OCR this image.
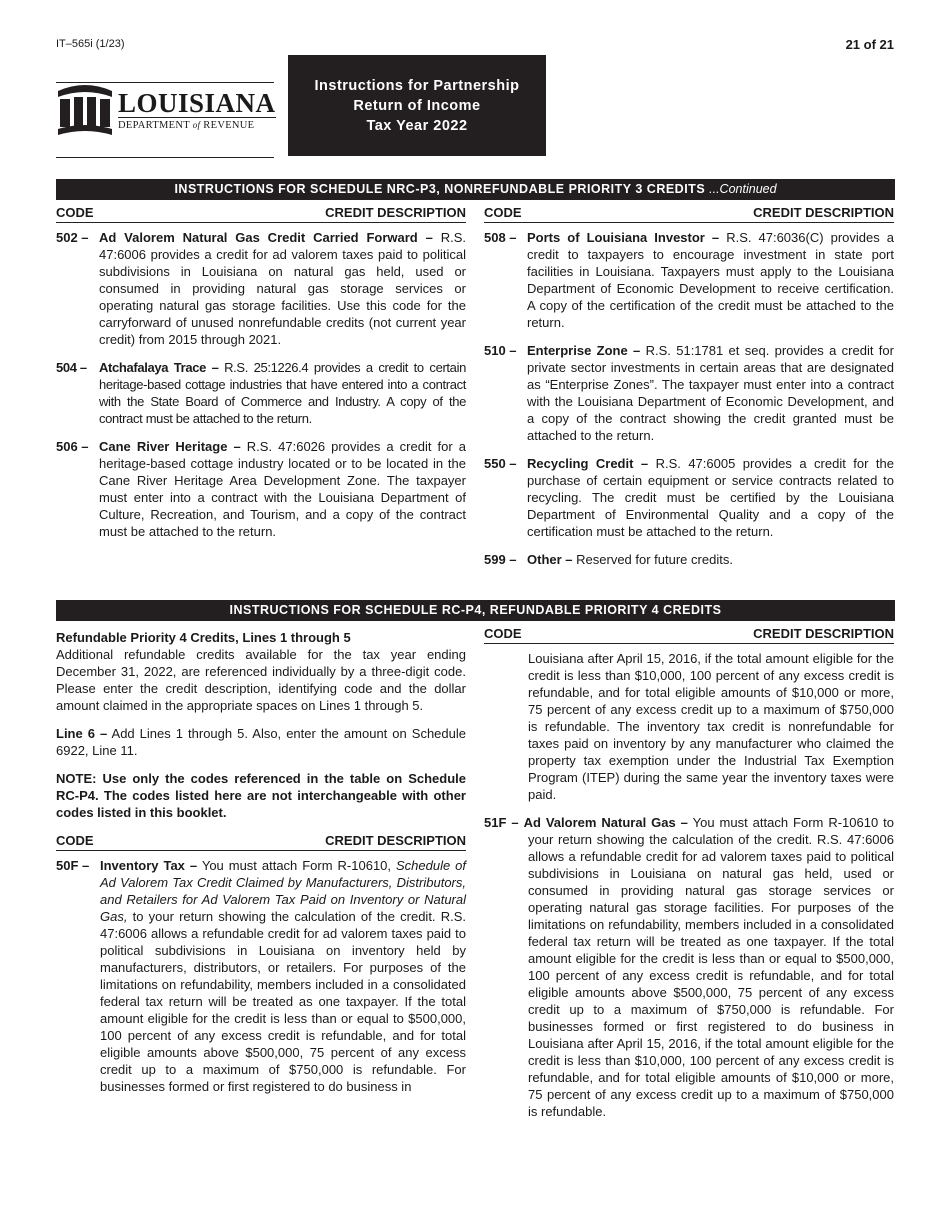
IT–565i (1/23)	21 of 21
LOUISIANA
DEPARTMENT of REVENUE
Instructions for Partnership
Return of Income
Tax Year 2022
INSTRUCTIONS FOR SCHEDULE NRC-P3, NONREFUNDABLE PRIORITY 3 CREDITS ...Continued
CODE	CREDIT DESCRIPTION
502 – Ad Valorem Natural Gas Credit Carried Forward – R.S. 47:6006 provides a credit for ad valorem taxes paid to political subdivisions in Louisiana on natural gas held, used or consumed in providing natural gas storage services or operating natural gas storage facilities. Use this code for the carryforward of unused nonrefundable credits (not current year credit) from 2015 through 2021.
504 – Atchafalaya Trace – R.S. 25:1226.4 provides a credit to certain heritage-based cottage industries that have entered into a contract with the State Board of Commerce and Industry. A copy of the contract must be attached to the return.
506 – Cane River Heritage – R.S. 47:6026 provides a credit for a heritage-based cottage industry located or to be located in the Cane River Heritage Area Development Zone. The taxpayer must enter into a contract with the Louisiana Department of Culture, Recreation, and Tourism, and a copy of the contract must be attached to the return.
CODE	CREDIT DESCRIPTION
508 – Ports of Louisiana Investor – R.S. 47:6036(C) provides a credit to taxpayers to encourage investment in state port facilities in Louisiana. Taxpayers must apply to the Louisiana Department of Economic Development to receive certification. A copy of the certification of the credit must be attached to the return.
510 – Enterprise Zone – R.S. 51:1781 et seq. provides a credit for private sector investments in certain areas that are designated as “Enterprise Zones”. The taxpayer must enter into a contract with the Louisiana Department of Economic Development, and a copy of the contract showing the credit granted must be attached to the return.
550 – Recycling Credit – R.S. 47:6005 provides a credit for the purchase of certain equipment or service contracts related to recycling. The credit must be certified by the Louisiana Department of Environmental Quality and a copy of the certification must be attached to the return.
599 – Other – Reserved for future credits.
INSTRUCTIONS FOR SCHEDULE RC-P4, REFUNDABLE PRIORITY 4 CREDITS
Refundable Priority 4 Credits, Lines 1 through 5

Additional refundable credits available for the tax year ending December 31, 2022, are referenced individually by a three-digit code. Please enter the credit description, identifying code and the dollar amount claimed in the appropriate spaces on Lines 1 through 5.

Line 6 – Add Lines 1 through 5. Also, enter the amount on Schedule 6922, Line 11.

NOTE: Use only the codes referenced in the table on Schedule RC-P4. The codes listed here are not interchangeable with other codes listed in this booklet.

CODE	CREDIT DESCRIPTION
50F – Inventory Tax – You must attach Form R-10610, Schedule of Ad Valorem Tax Credit Claimed by Manufacturers, Distributors, and Retailers for Ad Valorem Tax Paid on Inventory or Natural Gas, to your return showing the calculation of the credit. R.S. 47:6006 allows a refundable credit for ad valorem taxes paid to political subdivisions in Louisiana on inventory held by manufacturers, distributors, or retailers. For purposes of the limitations on refundability, members included in a consolidated federal tax return will be treated as one taxpayer. If the total amount eligible for the credit is less than or equal to $500,000, 100 percent of any excess credit is refundable, and for total eligible amounts above $500,000, 75 percent of any excess credit up to a maximum of $750,000 is refundable. For businesses formed or first registered to do business in
CODE	CREDIT DESCRIPTION

Louisiana after April 15, 2016, if the total amount eligible for the credit is less than $10,000, 100 percent of any excess credit is refundable, and for total eligible amounts of $10,000 or more, 75 percent of any excess credit up to a maximum of $750,000 is refundable. The inventory tax credit is nonrefundable for taxes paid on inventory by any manufacturer who claimed the property tax exemption under the Industrial Tax Exemption Program (ITEP) during the same year the inventory taxes were paid.

51F – Ad Valorem Natural Gas – You must attach Form R-10610 to your return showing the calculation of the credit. R.S. 47:6006 allows a refundable credit for ad valorem taxes paid to political subdivisions in Louisiana on natural gas held, used or consumed in providing natural gas storage services or operating natural gas storage facilities. For purposes of the limitations on refundability, members included in a consolidated federal tax return will be treated as one taxpayer. If the total amount eligible for the credit is less than or equal to $500,000, 100 percent of any excess credit is refundable, and for total eligible amounts above $500,000, 75 percent of any excess credit up to a maximum of $750,000 is refundable. For businesses formed or first registered to do business in Louisiana after April 15, 2016, if the total amount eligible for the credit is less than $10,000, 100 percent of any excess credit is refundable, and for total eligible amounts of $10,000 or more, 75 percent of any excess credit up to a maximum of $750,000 is refundable.
